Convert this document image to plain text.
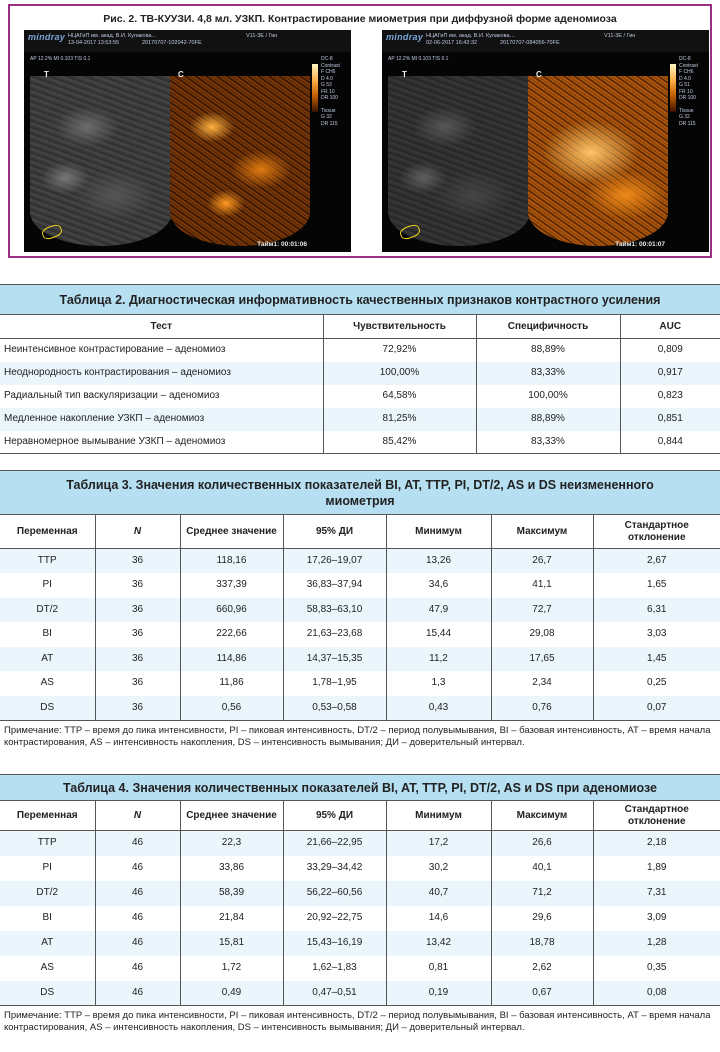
Рис. 2. ТВ-КУУЗИ. 4,8 мл. УЗКП. Контрастирование миометрия при диффузной форме аденомиоза
mindray НЦАГиП им. акад. В.И. Кулакова…
13-04-2017 13:53:55	20170707-102042-70FE
V11-3E / Гин
AP 12.2% MI 0.103 TIS 0.1	DC-8
Contrast
F CH6
D 4.0
G 53
FR 10
DR 100
Tissue
G 32
DR 115
T	C
Тайм1: 00:01:06
mindray НЦАГиП им. акад. В.И. Кулакова…
02-06-2017 16:42:32	20170707-084056-70FE
V11-3E / Гин
AP 12.2% MI 0.103 TIS 0.1	DC-8
Contrast
F CH6
D 4.0
G 51
FR 10
DR 100
Tissue
G 32
DR 115
T	C
Тайм1: 00:01:07
Таблица 2. Диагностическая информативность качественных признаков контрастного усиления
Тест	Чувствительность	Специфичность	AUC
Неинтенсивное контрастирование – аденомиоз	72,92%	88,89%	0,809
Неоднородность контрастирования – аденомиоз	100,00%	83,33%	0,917
Радиальный тип васкуляризации – аденомиоз	64,58%	100,00%	0,823
Медленное накопление УЗКП – аденомиоз	81,25%	88,89%	0,851
Неравномерное вымывание УЗКП – аденомиоз	85,42%	83,33%	0,844
Таблица 3. Значения количественных показателей BI, AT, TTP, PI, DT/2, AS и DS неизмененного миометрия
Переменная	N	Среднее значение	95% ДИ	Минимум	Максимум	Стандартное отклонение
TTP	36	118,16	17,26–19,07	13,26	26,7	2,67
PI	36	337,39	36,83–37,94	34,6	41,1	1,65
DT/2	36	660,96	58,83–63,10	47,9	72,7	6,31
BI	36	222,66	21,63–23,68	15,44	29,08	3,03
AT	36	114,86	14,37–15,35	11,2	17,65	1,45
AS	36	11,86	1,78–1,95	1,3	2,34	0,25
DS	36	0,56	0,53–0,58	0,43	0,76	0,07
Примечание: TTP – время до пика интенсивности, PI – пиковая интенсивность, DT/2 – период полувымывания, BI – базовая интенсивность, AT – время начала контрастирования, AS – интенсивность накопления, DS – интенсивность вымывания; ДИ – доверительный интервал.
Таблица 4. Значения количественных показателей BI, AT, TTP, PI, DT/2, AS и DS при аденомиозе
Переменная	N	Среднее значение	95% ДИ	Минимум	Максимум	Стандартное отклонение
TTP	46	22,3	21,66–22,95	17,2	26,6	2,18
PI	46	33,86	33,29–34,42	30,2	40,1	1,89
DT/2	46	58,39	56,22–60,56	40,7	71,2	7,31
BI	46	21,84	20,92–22,75	14,6	29,6	3,09
AT	46	15,81	15,43–16,19	13,42	18,78	1,28
AS	46	1,72	1,62–1,83	0,81	2,62	0,35
DS	46	0,49	0,47–0,51	0,19	0,67	0,08
Примечание: TTP – время до пика интенсивности, PI – пиковая интенсивность, DT/2 – период полувымывания, BI – базовая интенсивность, AT – время начала контрастирования, AS – интенсивность накопления, DS – интенсивность вымывания; ДИ – доверительный интервал.
